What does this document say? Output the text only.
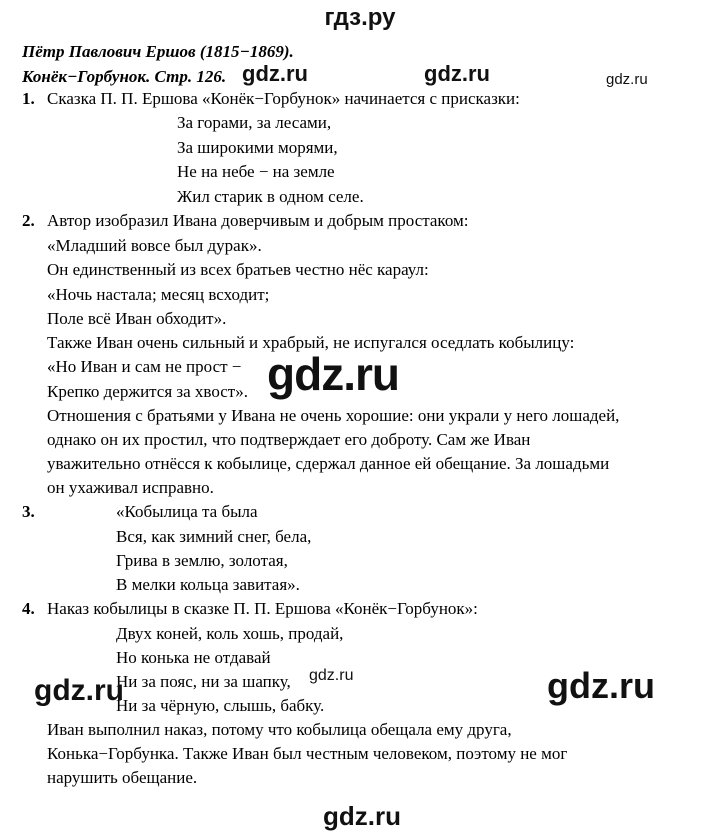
гдз.ру
Пётр Павлович Ершов (1815−1869).
Конёк−Горбунок. Стр. 126.
1. Сказка П. П. Ершова «Конёк−Горбунок» начинается с присказки:
За горами, за лесами,
За широкими морями,
Не на небе − на земле
Жил старик в одном селе.
2. Автор изобразил Ивана доверчивым и добрым простаком:
«Младший вовсе был дурак».
Он единственный из всех братьев честно нёс караул:
«Ночь настала; месяц всходит;
Поле всё Иван обходит».
Также Иван очень сильный и храбрый, не испугался оседлать кобылицу:
«Но Иван и сам не прост −
Крепко держится за хвост».
Отношения с братьями у Ивана не очень хорошие: они украли у него лошадей,
однако он их простил, что подтверждает его доброту. Сам же Иван
уважительно отнёсся к кобылице, сдержал данное ей обещание. За лошадьми
он ухаживал исправно.
3.	«Кобылица та была
Вся, как зимний снег, бела,
Грива в землю, золотая,
В мелки кольца завитая».
4. Наказ кобылицы в сказке П. П. Ершова «Конёк−Горбунок»:
Двух коней, коль хошь, продай,
Но конька не отдавай
Ни за пояс, ни за шапку,
Ни за чёрную, слышь, бабку.
Иван выполнил наказ, потому что кобылица обещала ему друга,
Конька−Горбунка. Также Иван был честным человеком, поэтому не мог
нарушить обещание.
gdz.ru	gdz.ru	gdz.ru
gdz.ru
gdz.ru	gdz.ru	gdz.ru
gdz.ru
